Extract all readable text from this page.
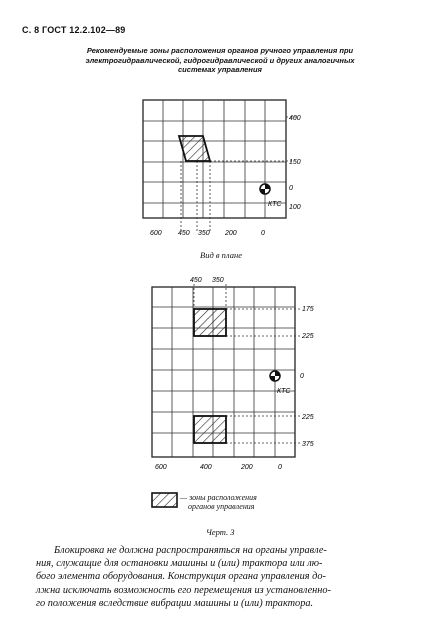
С. 8 ГОСТ 12.2.102—89
Рекомендуемые зоны расположения органов ручного управления при
электрогидравлической, гидрогидравлической и других аналогичных
системах управления
400
150
0
100
КТС
600 450 350 200	0
450 350
175
225
0
225
375
КТС
600	400	200	0
Вид в плане
— зоны расположения
органов управления
Черт. 3
Блокировка не должна распространяться на органы управле-
ния, служащие для остановки машины и (или) трактора или лю-
бого элемента оборудования. Конструкция органа управления до-
лжна исключать возможность его перемещения из установленно-
го положения вследствие вибрации машины и (или) трактора.
